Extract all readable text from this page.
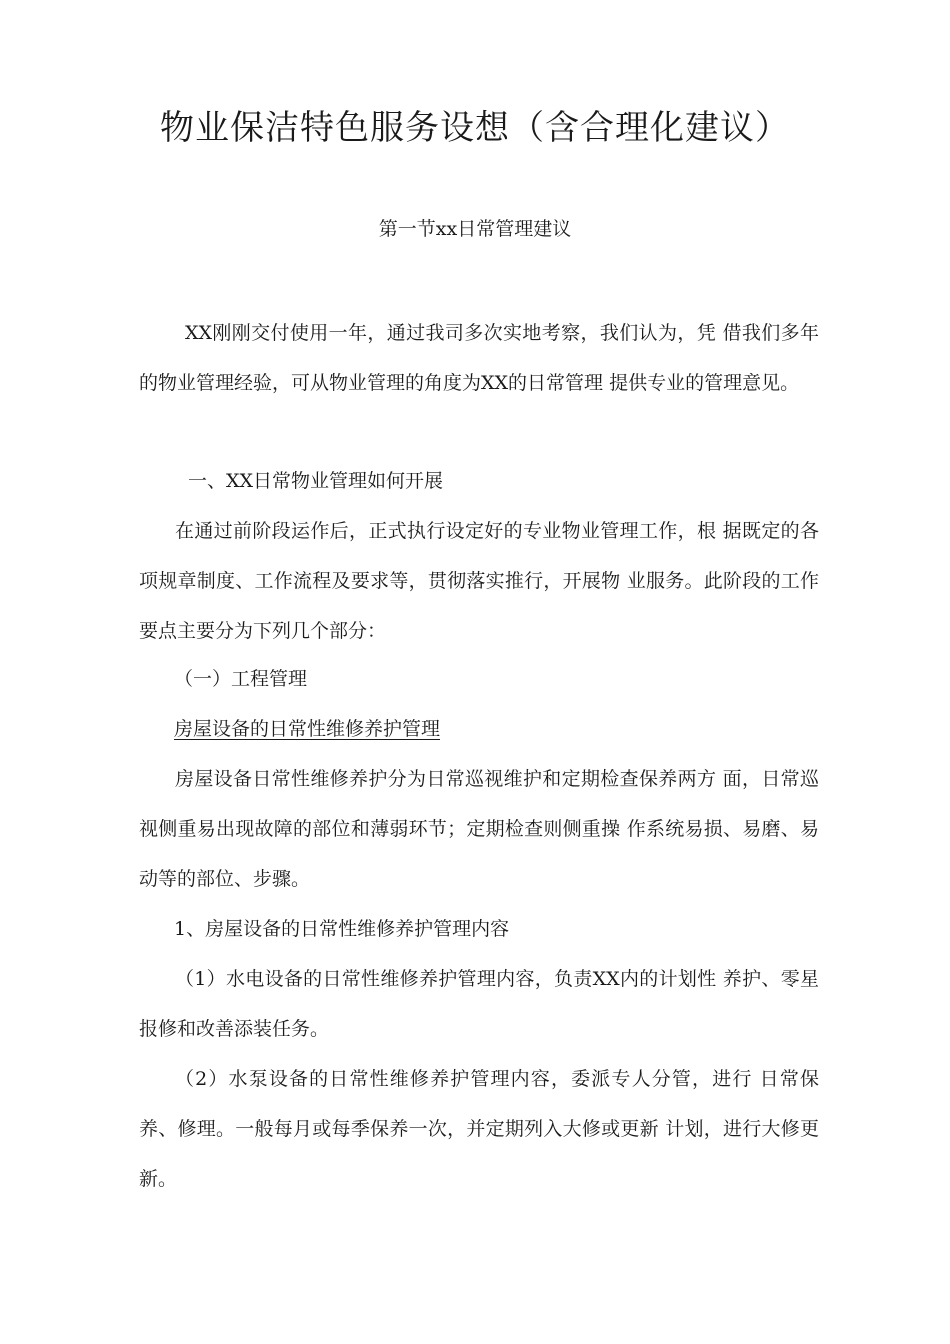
物业保洁特色服务设想（含合理化建议）
第一节xx日常管理建议

XX刚刚交付使用一年，通过我司多次实地考察，我们认为，凭 借我们多年的物业管理经验，可从物业管理的角度为XX的日常管理 提供专业的管理意见。

一、XX日常物业管理如何开展

在通过前阶段运作后，正式执行设定好的专业物业管理工作，根 据既定的各项规章制度、工作流程及要求等，贯彻落实推行，开展物 业服务。此阶段的工作要点主要分为下列几个部分：

（一）工程管理
房屋设备的日常性维修养护管理

房屋设备日常性维修养护分为日常巡视维护和定期检查保养两方 面，日常巡视侧重易出现故障的部位和薄弱环节；定期检查则侧重操 作系统易损、易磨、易动等的部位、步骤。

1、房屋设备的日常性维修养护管理内容

（1）水电设备的日常性维修养护管理内容，负责XX内的计划性 养护、零星报修和改善添装任务。

（2）水泵设备的日常性维修养护管理内容，委派专人分管，进行 日常保养、修理。一般每月或每季保养一次，并定期列入大修或更新 计划，进行大修更新。
